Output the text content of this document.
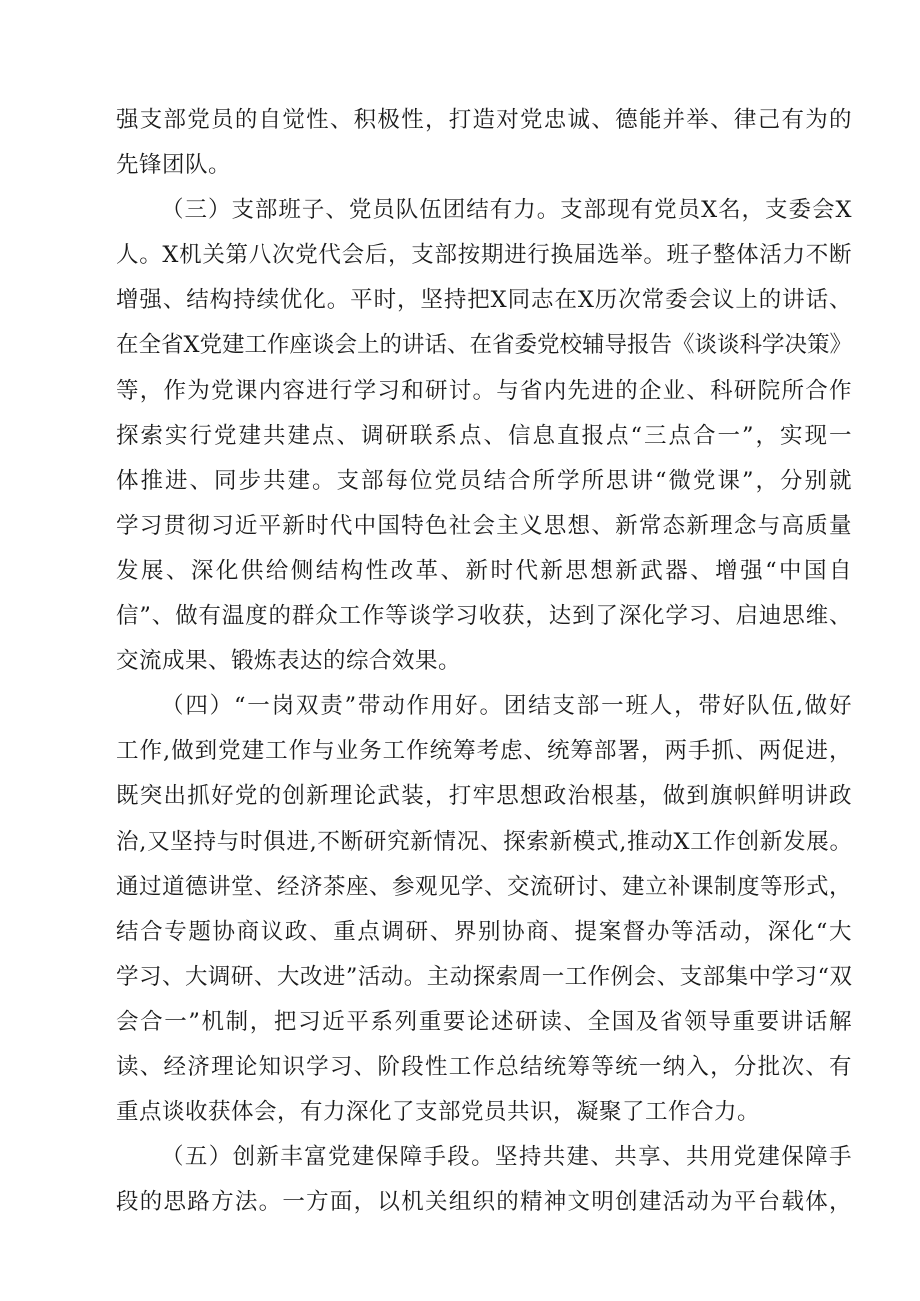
强支部党员的自觉性、积极性，打造对党忠诚、德能并举、律己有为的
先锋团队。
（三）支部班子、党员队伍团结有力。支部现有党员X名，支委会X
人。X机关第八次党代会后，支部按期进行换届选举。班子整体活力不断
增强、结构持续优化。平时，坚持把X同志在X历次常委会议上的讲话、
在全省X党建工作座谈会上的讲话、在省委党校辅导报告《谈谈科学决策》
等，作为党课内容进行学习和研讨。与省内先进的企业、科研院所合作
探索实行党建共建点、调研联系点、信息直报点“三点合一”，实现一
体推进、同步共建。支部每位党员结合所学所思讲“微党课”，分别就
学习贯彻习近平新时代中国特色社会主义思想、新常态新理念与高质量
发展、深化供给侧结构性改革、新时代新思想新武器、增强“中国自
信”、做有温度的群众工作等谈学习收获，达到了深化学习、启迪思维、
交流成果、锻炼表达的综合效果。
（四）“一岗双责”带动作用好。团结支部一班人，带好队伍,做好
工作,做到党建工作与业务工作统筹考虑、统筹部署，两手抓、两促进，
既突出抓好党的创新理论武装，打牢思想政治根基，做到旗帜鲜明讲政
治,又坚持与时俱进,不断研究新情况、探索新模式,推动X工作创新发展。
通过道德讲堂、经济茶座、参观见学、交流研讨、建立补课制度等形式，
结合专题协商议政、重点调研、界别协商、提案督办等活动，深化“大
学习、大调研、大改进”活动。主动探索周一工作例会、支部集中学习“双
会合一”机制，把习近平系列重要论述研读、全国及省领导重要讲话解
读、经济理论知识学习、阶段性工作总结统筹等统一纳入，分批次、有
重点谈收获体会，有力深化了支部党员共识，凝聚了工作合力。
（五）创新丰富党建保障手段。坚持共建、共享、共用党建保障手
段的思路方法。一方面，以机关组织的精神文明创建活动为平台载体，
